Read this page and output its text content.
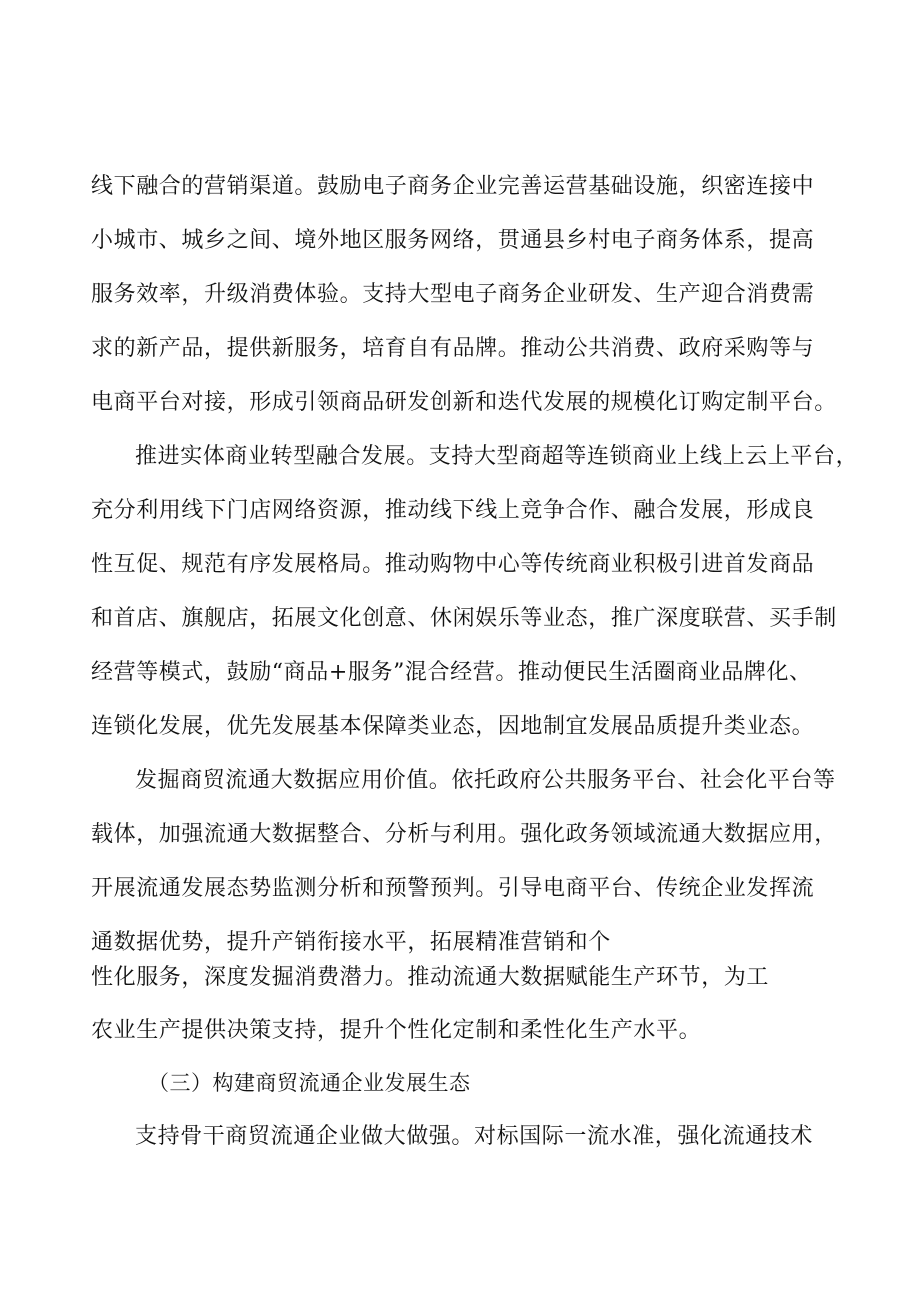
线下融合的营销渠道。鼓励电子商务企业完善运营基础设施，织密连接中
小城市、城乡之间、境外地区服务网络，贯通县乡村电子商务体系，提高
服务效率，升级消费体验。支持大型电子商务企业研发、生产迎合消费需
求的新产品，提供新服务，培育自有品牌。推动公共消费、政府采购等与
电商平台对接，形成引领商品研发创新和迭代发展的规模化订购定制平台。
推进实体商业转型融合发展。支持大型商超等连锁商业上线上云上平台，
充分利用线下门店网络资源，推动线下线上竞争合作、融合发展，形成良
性互促、规范有序发展格局。推动购物中心等传统商业积极引进首发商品
和首店、旗舰店，拓展文化创意、休闲娱乐等业态，推广深度联营、买手制
经营等模式，鼓励“商品+服务”混合经营。推动便民生活圈商业品牌化、
连锁化发展，优先发展基本保障类业态，因地制宜发展品质提升类业态。
发掘商贸流通大数据应用价值。依托政府公共服务平台、社会化平台等
载体，加强流通大数据整合、分析与利用。强化政务领域流通大数据应用，
开展流通发展态势监测分析和预警预判。引导电商平台、传统企业发挥流
通数据优势，提升产销衔接水平，拓展精准营销和个
性化服务，深度发掘消费潜力。推动流通大数据赋能生产环节，为工
农业生产提供决策支持，提升个性化定制和柔性化生产水平。
（三）构建商贸流通企业发展生态
支持骨干商贸流通企业做大做强。对标国际一流水准，强化流通技术
